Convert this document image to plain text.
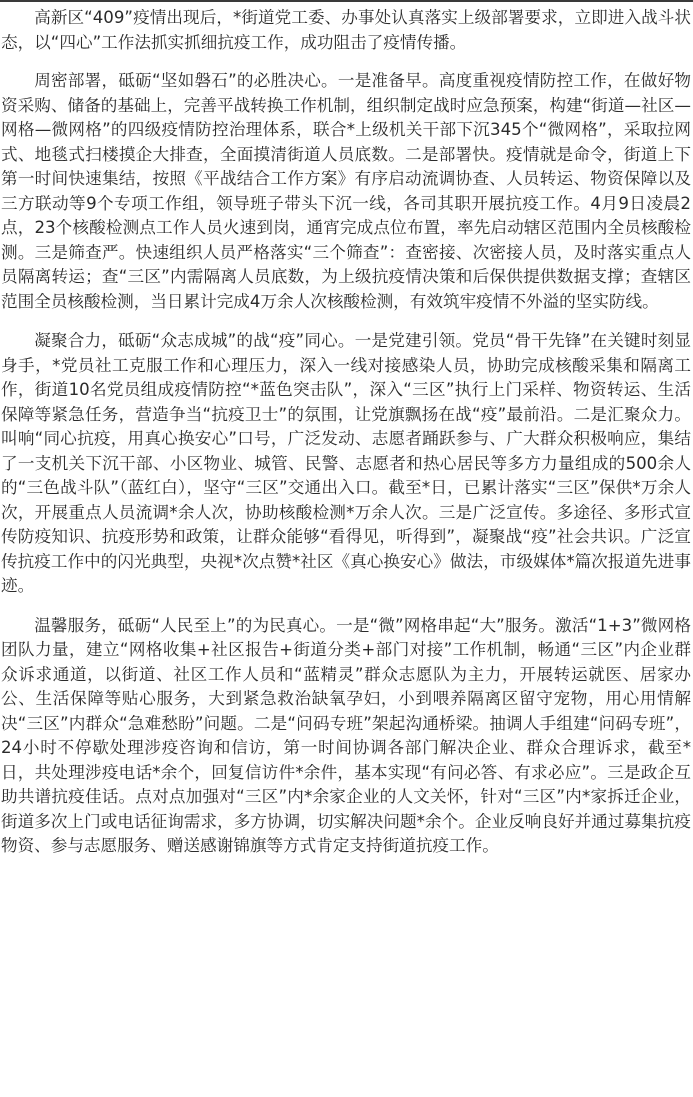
高新区“409”疫情出现后，*街道党工委、办事处认真落实上级部署要求，立即进入战斗状态，以“四心”工作法抓实抓细抗疫工作，成功阻击了疫情传播。

周密部署，砥砺“坚如磐石”的必胜决心。一是准备早。高度重视疫情防控工作，在做好物资采购、储备的基础上，完善平战转换工作机制，组织制定战时应急预案，构建“街道—社区—网格—微网格”的四级疫情防控治理体系，联合*上级机关干部下沉345个“微网格”，采取拉网式、地毯式扫楼摸企大排查，全面摸清街道人员底数。二是部署快。疫情就是命令，街道上下第一时间快速集结，按照《平战结合工作方案》有序启动流调协查、人员转运、物资保障以及三方联动等9个专项工作组，领导班子带头下沉一线，各司其职开展抗疫工作。4月9日凌晨2点，23个核酸检测点工作人员火速到岗，通宵完成点位布置，率先启动辖区范围内全员核酸检测。三是筛查严。快速组织人员严格落实“三个筛查”：查密接、次密接人员，及时落实重点人员隔离转运；查“三区”内需隔离人员底数，为上级抗疫情决策和后保供提供数据支撑；查辖区范围全员核酸检测，当日累计完成4万余人次核酸检测，有效筑牢疫情不外溢的坚实防线。

凝聚合力，砥砺“众志成城”的战“疫”同心。一是党建引领。党员“骨干先锋”在关键时刻显身手，*党员社工克服工作和心理压力，深入一线对接感染人员，协助完成核酸采集和隔离工作，街道10名党员组成疫情防控“*蓝色突击队”，深入“三区”执行上门采样、物资转运、生活保障等紧急任务，营造争当“抗疫卫士”的氛围，让党旗飘扬在战“疫”最前沿。二是汇聚众力。叫响“同心抗疫，用真心换安心”口号，广泛发动、志愿者踊跃参与、广大群众积极响应，集结了一支机关下沉干部、小区物业、城管、民警、志愿者和热心居民等多方力量组成的500余人的“三色战斗队”（蓝红白），坚守“三区”交通出入口。截至*日，已累计落实“三区”保供*万余人次，开展重点人员流调*余人次，协助核酸检测*万余人次。三是广泛宣传。多途径、多形式宣传防疫知识、抗疫形势和政策，让群众能够“看得见，听得到”，凝聚战“疫”社会共识。广泛宣传抗疫工作中的闪光典型，央视*次点赞*社区《真心换安心》做法，市级媒体*篇次报道先进事迹。

温馨服务，砥砺“人民至上”的为民真心。一是“微”网格串起“大”服务。激活“1+3”微网格团队力量，建立“网格收集+社区报告+街道分类+部门对接”工作机制，畅通“三区”内企业群众诉求通道，以街道、社区工作人员和“蓝精灵”群众志愿队为主力，开展转运就医、居家办公、生活保障等贴心服务，大到紧急救治缺氧孕妇，小到喂养隔离区留守宠物，用心用情解决“三区”内群众“急难愁盼”问题。二是“问码专班”架起沟通桥梁。抽调人手组建“问码专班”，24小时不停歇处理涉疫咨询和信访，第一时间协调各部门解决企业、群众合理诉求，截至*日，共处理涉疫电话*余个，回复信访件*余件，基本实现“有问必答、有求必应”。三是政企互助共谱抗疫佳话。点对点加强对“三区”内*余家企业的人文关怀，针对“三区”内*家拆迁企业，街道多次上门或电话征询需求，多方协调，切实解决问题*余个。企业反响良好并通过募集抗疫物资、参与志愿服务、赠送感谢锦旗等方式肯定支持街道抗疫工作。
